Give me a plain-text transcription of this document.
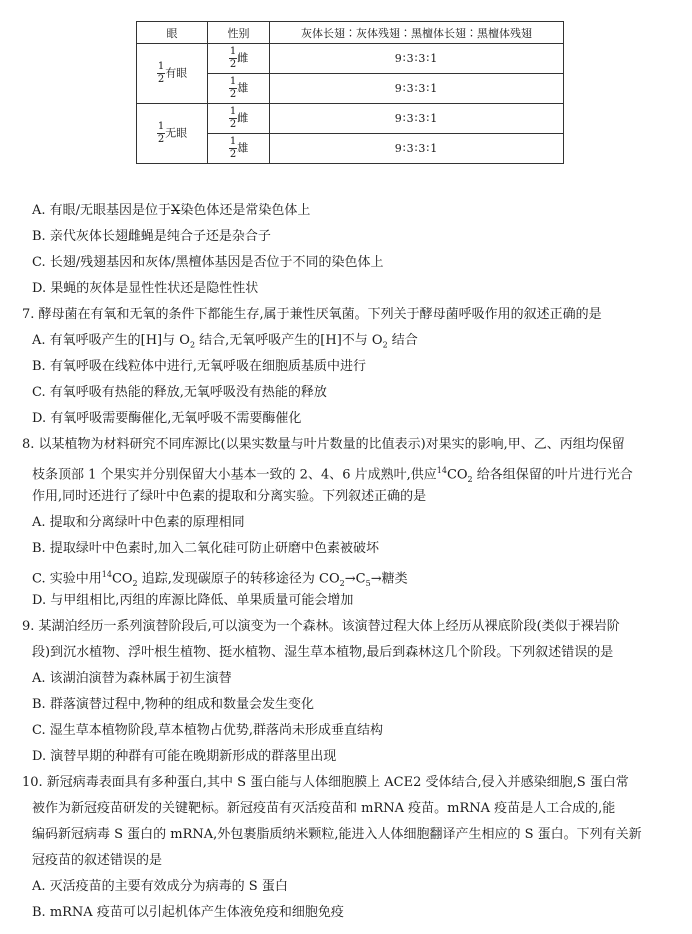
眼	性别	灰体长翅∶灰体残翅∶黑檀体长翅∶黑檀体残翅

$\frac{1}{2}$ 有眼	$\frac{1}{2}$ 雌	9∶3∶3∶1

	$\frac{1}{2}$ 雄	9∶3∶3∶1

$\frac{1}{2}$ 无眼	$\frac{1}{2}$ 雌	9∶3∶3∶1

	$\frac{1}{2}$ 雄	9∶3∶3∶1
A. 有眼/无眼基因是位于X染色体还是常染色体上
B. 亲代灰体长翅雌蝇是纯合子还是杂合子
C. 长翅/残翅基因和灰体/黑檀体基因是否位于不同的染色体上
D. 果蝇的灰体是显性性状还是隐性性状
7. 酵母菌在有氧和无氧的条件下都能生存,属于兼性厌氧菌。下列关于酵母菌呼吸作用的叙述正确的是
A. 有氧呼吸产生的[H]与 $O_2$ 结合,无氧呼吸产生的[H]不与 $O_2$ 结合
B. 有氧呼吸在线粒体中进行,无氧呼吸在细胞质基质中进行
C. 有氧呼吸有热能的释放,无氧呼吸没有热能的释放
D. 有氧呼吸需要酶催化,无氧呼吸不需要酶催化
8. 以某植物为材料研究不同库源比(以果实数量与叶片数量的比值表示)对果实的影响,甲、乙、丙组均保留
枝条顶部 1 个果实并分别保留大小基本一致的 2、4、6 片成熟叶,供应$^{14}CO_2$ 给各组保留的叶片进行光合
作用,同时还进行了绿叶中色素的提取和分离实验。下列叙述正确的是
A. 提取和分离绿叶中色素的原理相同
B. 提取绿叶中色素时,加入二氧化硅可防止研磨中色素被破坏
C. 实验中用$^{14}CO_2$ 追踪,发现碳原子的转移途径为 $CO_2\to C_5\to$糖类
D. 与甲组相比,丙组的库源比降低、单果质量可能会增加
9. 某湖泊经历一系列演替阶段后,可以演变为一个森林。该演替过程大体上经历从裸底阶段(类似于裸岩阶
段)到沉水植物、浮叶根生植物、挺水植物、湿生草本植物,最后到森林这几个阶段。下列叙述错误的是
A. 该湖泊演替为森林属于初生演替
B. 群落演替过程中,物种的组成和数量会发生变化
C. 湿生草本植物阶段,草本植物占优势,群落尚未形成垂直结构
D. 演替早期的种群有可能在晚期新形成的群落里出现
10. 新冠病毒表面具有多种蛋白,其中 S 蛋白能与人体细胞膜上 ACE2 受体结合,侵入并感染细胞,S 蛋白常
被作为新冠疫苗研发的关键靶标。新冠疫苗有灭活疫苗和 mRNA 疫苗。mRNA 疫苗是人工合成的,能
编码新冠病毒 S 蛋白的 mRNA,外包裹脂质纳米颗粒,能进入人体细胞翻译产生相应的 S 蛋白。下列有关新
冠疫苗的叙述错误的是
A. 灭活疫苗的主要有效成分为病毒的 S 蛋白
B. mRNA 疫苗可以引起机体产生体液免疫和细胞免疫
